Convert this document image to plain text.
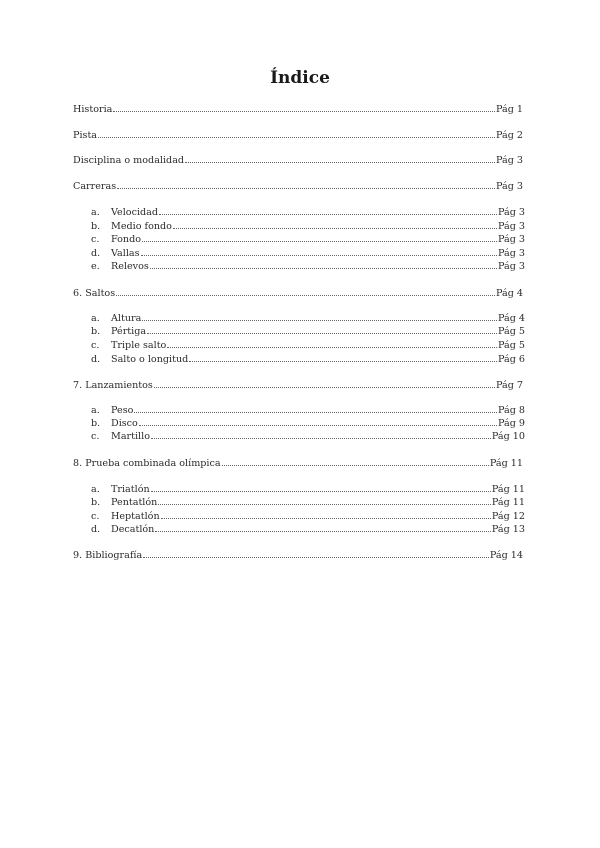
Índice
Historia	Pág 1
Pista	Pág 2
Disciplina o modalidad	Pág 3
Carreras	Pág 3
a.	Velocidad	Pág 3
b.	Medio fondo	Pág 3
c.	Fondo	Pág 3
d.	Vallas	Pág 3
e.	Relevos	Pág 3
6. Saltos	Pág 4
a.	Altura	Pág 4
b.	Pértiga	Pág 5
c.	Triple salto	Pág 5
d.	Salto o longitud	Pág 6
7. Lanzamientos	Pág 7
a.	Peso	Pág 8
b.	Disco	Pág 9
c.	Martillo	Pág 10
8. Prueba combinada olímpica	Pág 11
a.	Triatlón	Pág 11
b.	Pentatlón	Pág 11
c.	Heptatlón	Pág 12
d.	Decatlón	Pág 13
9. Bibliografía	Pág 14
